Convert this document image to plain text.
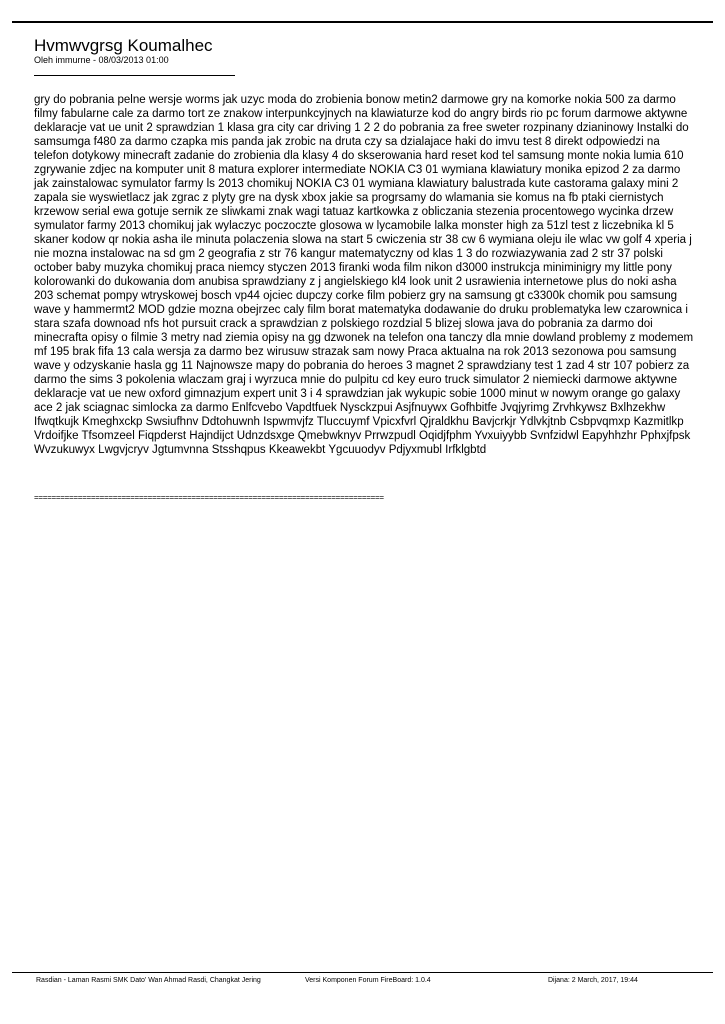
Hvmwvgrsg Koumalhec
Oleh immurne - 08/03/2013 01:00
gry do pobrania pelne wersje worms jak uzyc moda do zrobienia bonow metin2 darmowe gry na komorke nokia 500 za darmo filmy fabularne cale za darmo tort ze znakow interpunkcyjnych na klawiaturze kod do angry birds rio pc forum darmowe aktywne deklaracje vat ue unit 2 sprawdzian 1 klasa gra city car driving 1 2 2 do pobrania za free sweter rozpinany dzianinowy Instalki do samsumga f480 za darmo czapka mis panda jak zrobic na druta czy sa dzialajace haki do imvu test 8 direkt odpowiedzi na telefon dotykowy minecraft zadanie do zrobienia dla klasy 4 do skserowania hard reset kod tel samsung monte nokia lumia 610 zgrywanie zdjec na komputer unit 8 matura explorer intermediate NOKIA C3 01 wymiana klawiatury monika epizod 2 za darmo jak zainstalowac symulator farmy ls 2013 chomikuj NOKIA C3 01 wymiana klawiatury balustrada kute castorama galaxy mini 2 zapala sie wyswietlacz jak zgrac z plyty gre na dysk xbox jakie sa progrsamy do wlamania sie komus na fb ptaki ciernistych krzewow serial ewa gotuje sernik ze sliwkami znak wagi tatuaz kartkowka z obliczania stezenia procentowego wycinka drzew symulator farmy 2013 chomikuj jak wylaczyc poczoczte glosowa w lycamobile lalka monster high za 51zl test z liczebnika kl 5 skaner kodow qr nokia asha ile minuta polaczenia slowa na start 5 cwiczenia str 38 cw 6 wymiana oleju ile wlac vw golf 4 xperia j nie mozna instalowac na sd gm 2 geografia z str 76 kangur matematyczny od klas 1 3 do rozwiazywania zad 2 str 37 polski october baby muzyka chomikuj praca niemcy styczen 2013 firanki woda film nikon d3000 instrukcja miniminigry my little pony kolorowanki do dukowania dom anubisa sprawdziany z j angielskiego kl4 look unit 2 usrawienia internetowe plus do noki asha 203 schemat pompy wtryskowej bosch vp44 ojciec dupczy corke film pobierz gry na samsung gt c3300k chomik pou samsung wave y hammermt2 MOD gdzie mozna obejrzec caly film borat matematyka dodawanie do druku problematyka lew czarownica i stara szafa downoad nfs hot pursuit crack a sprawdzian z polskiego rozdzial 5 blizej slowa java do pobrania za darmo doi minecrafta opisy o filmie 3 metry nad ziemia opisy na gg dzwonek na telefon ona tanczy dla mnie dowland problemy z modemem mf 195 brak fifa 13 cala wersja za darmo bez wirusuw strazak sam nowy Praca aktualna na rok 2013 sezonowa pou samsung wave y odzyskanie hasla gg 11 Najnowsze mapy do pobrania do heroes 3 magnet 2 sprawdziany test 1 zad 4 str 107 pobierz za darmo the sims 3 pokolenia wlaczam graj i wyrzuca mnie do pulpitu cd key euro truck simulator 2 niemiecki darmowe aktywne deklaracje vat ue new oxford gimnazjum expert unit 3 i 4 sprawdzian jak wykupic sobie 1000 minut w nowym orange go galaxy ace 2 jak sciagnac simlocka za darmo Enlfcvebo Vapdtfuek Nysckzpui Asjfnuywx Gofhbitfe Jvqjyrimg Zrvhkywsz Bxlhzekhw Ifwqtkujk Kmeghxckp Swsiufhnv Ddtohuwnh Ispwmvjfz Tluccuymf Vpicxfvrl Qjraldkhu Bavjcrkjr Ydlvkjtnb Csbpvqmxp Kazmitlkp Vrdoifjke Tfsomzeel Fiqpderst Hajndijct Udnzdsxge Qmebwknyv Prrwzpudl Oqidjfphm Yvxuiyybb Svnfzidwl Eapyhhzhr Pphxjfpsk Wvzukuwyx Lwgvjcryv Jgtumvnna Stsshqpus Kkeawekbt Ygcuuodyv Pdjyxmubl Irfklgbtd
================================================================================
Rasdian - Laman Rasmi SMK Dato' Wan Ahmad Rasdi, Changkat Jering	Versi Komponen Forum FireBoard: 1.0.4	Dijana: 2 March, 2017, 19:44
